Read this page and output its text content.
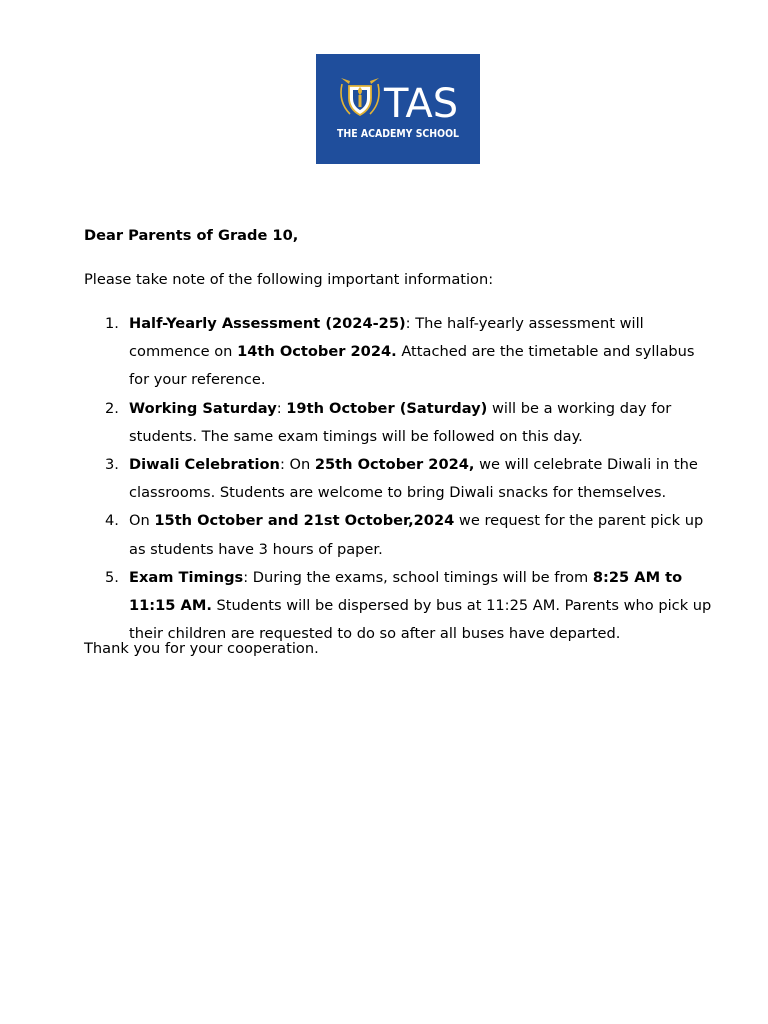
TAS
THE ACADEMY SCHOOL
Dear Parents of Grade 10,
Please take note of the following important information:
1. Half-Yearly Assessment (2024-25): The half-yearly assessment will commence on 14th October 2024. Attached are the timetable and syllabus for your reference.
2. Working Saturday: 19th October (Saturday) will be a working day for students. The same exam timings will be followed on this day.
3. Diwali Celebration: On 25th October 2024, we will celebrate Diwali in the classrooms. Students are welcome to bring Diwali snacks for themselves.
4. On 15th October and 21st October,2024 we request for the parent pick up as students have 3 hours of paper.
5. Exam Timings: During the exams, school timings will be from 8:25 AM to 11:15 AM. Students will be dispersed by bus at 11:25 AM. Parents who pick up their children are requested to do so after all buses have departed.
Thank you for your cooperation.
